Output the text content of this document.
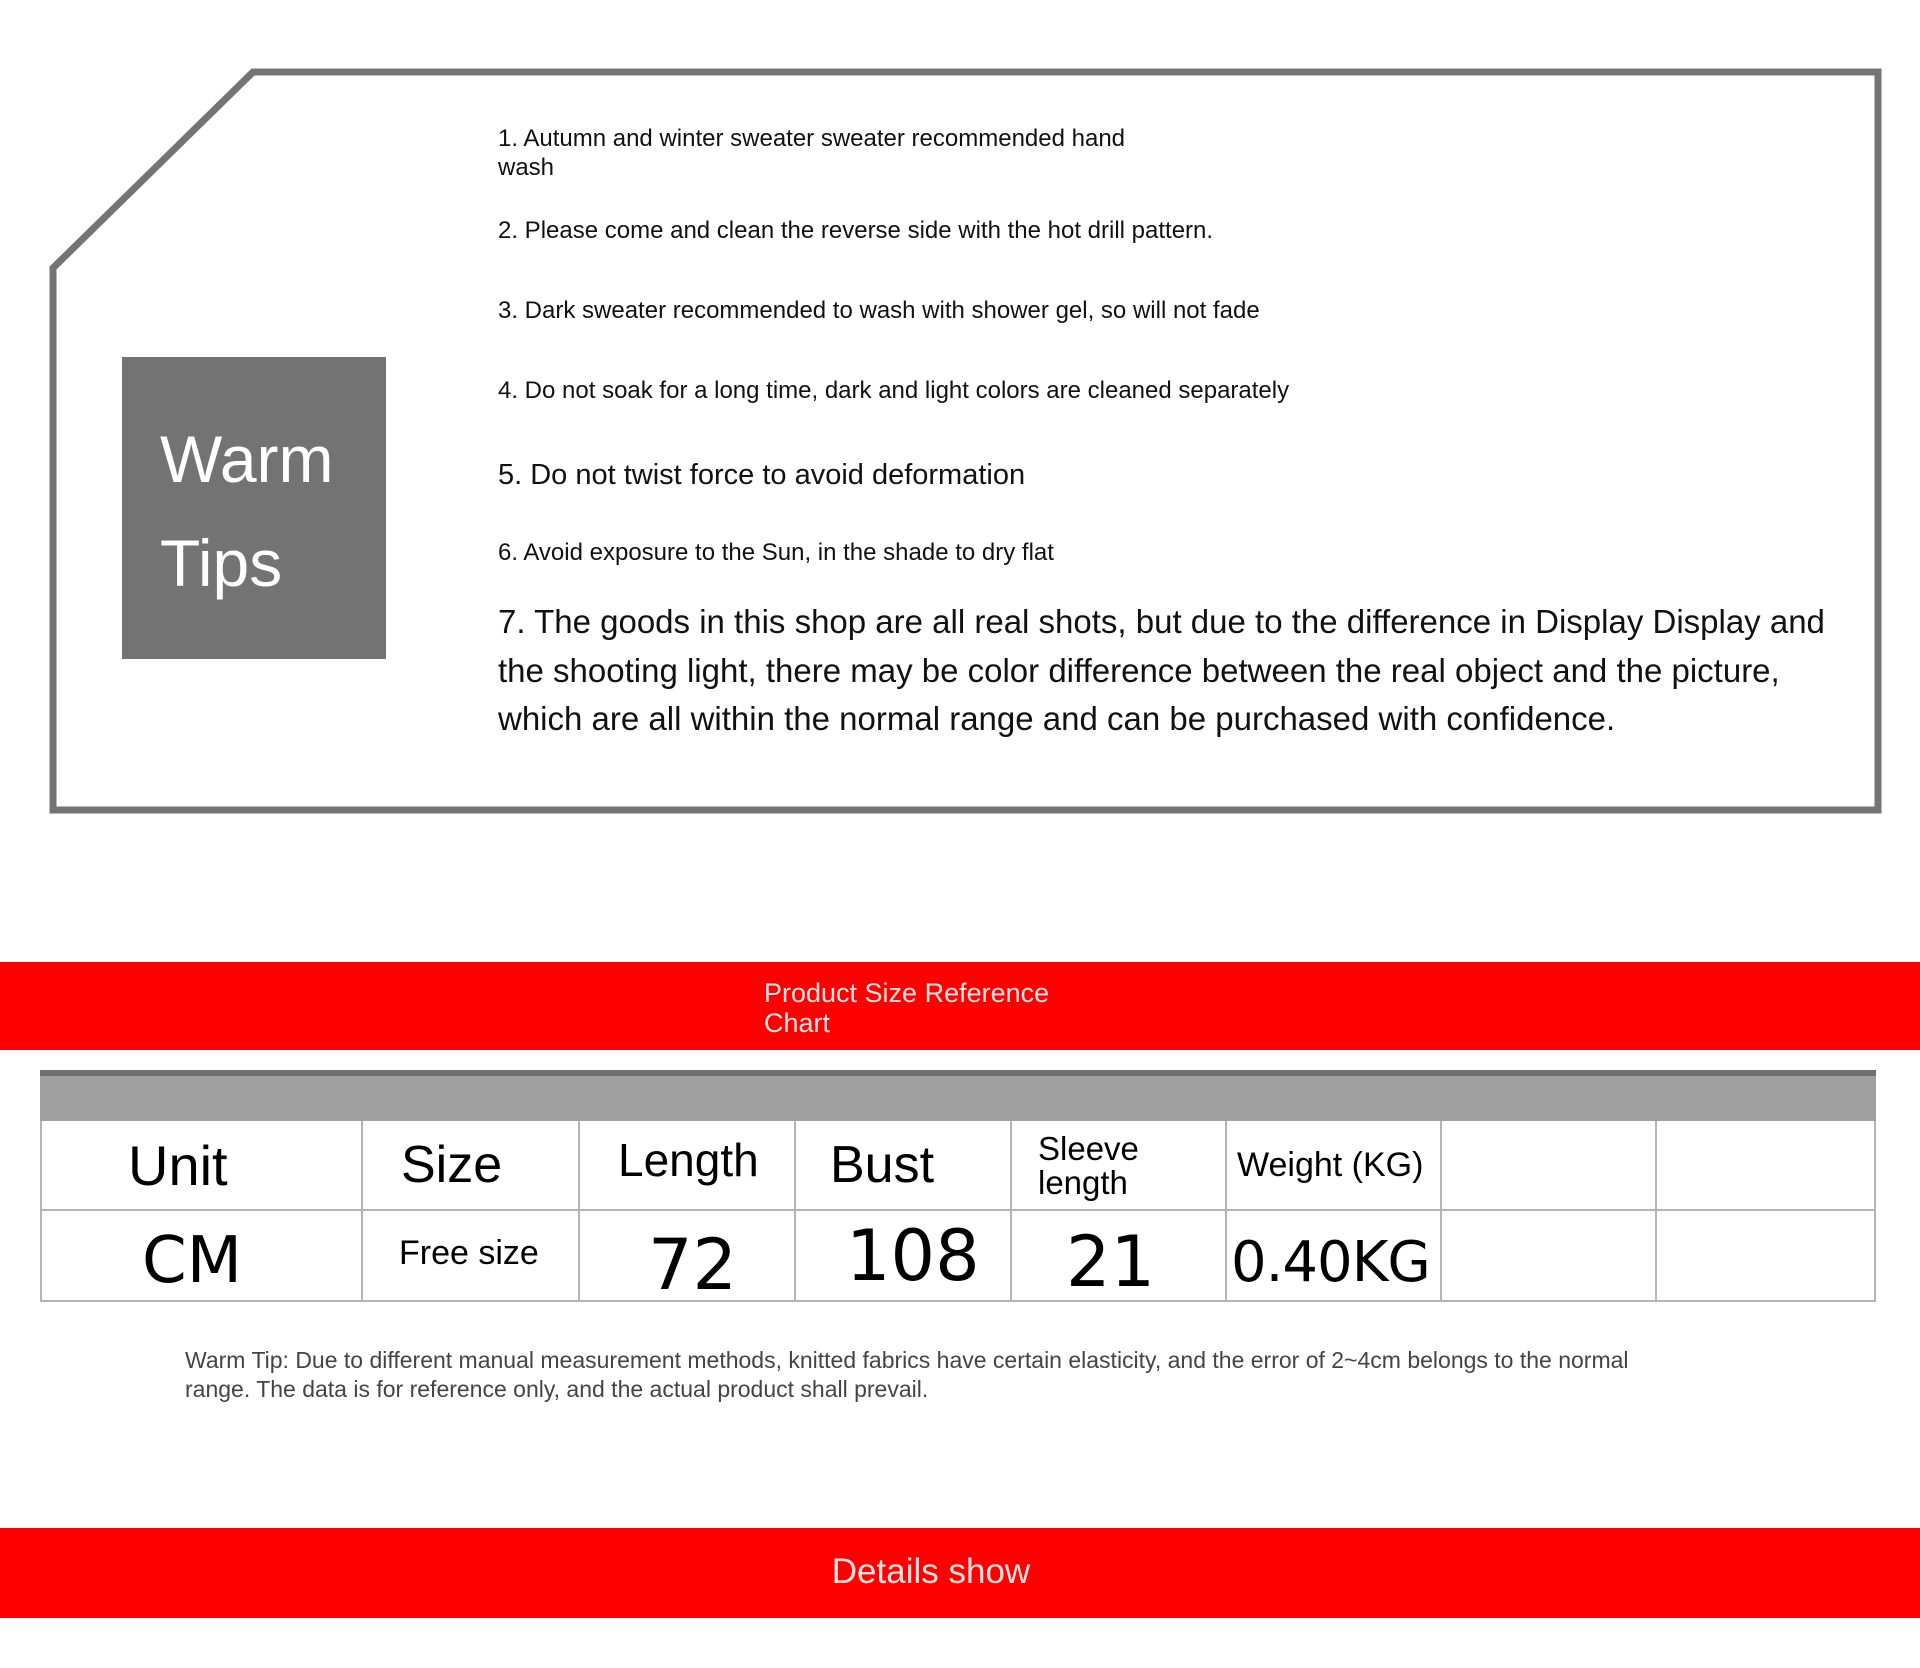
Warm
Tips

1. Autumn and winter sweater sweater recommended hand wash

2. Please come and clean the reverse side with the hot drill pattern.

3. Dark sweater recommended to wash with shower gel, so will not fade

4. Do not soak for a long time, dark and light colors are cleaned separately

5. Do not twist force to avoid deformation

6. Avoid exposure to the Sun, in the shade to dry flat

7. The goods in this shop are all real shots, but due to the difference in Display Display and the shooting light, there may be color difference between the real object and the picture, which are all within the normal range and can be purchased with confidence.

Product Size Reference Chart
Unit	Size	Length	Bust	Sleeve length	Weight (KG)
CM	Free size	72	108	21	0.40KG

Warm Tip: Due to different manual measurement methods, knitted fabrics have certain elasticity, and the error of 2~4cm belongs to the normal range. The data is for reference only, and the actual product shall prevail.

Details show
